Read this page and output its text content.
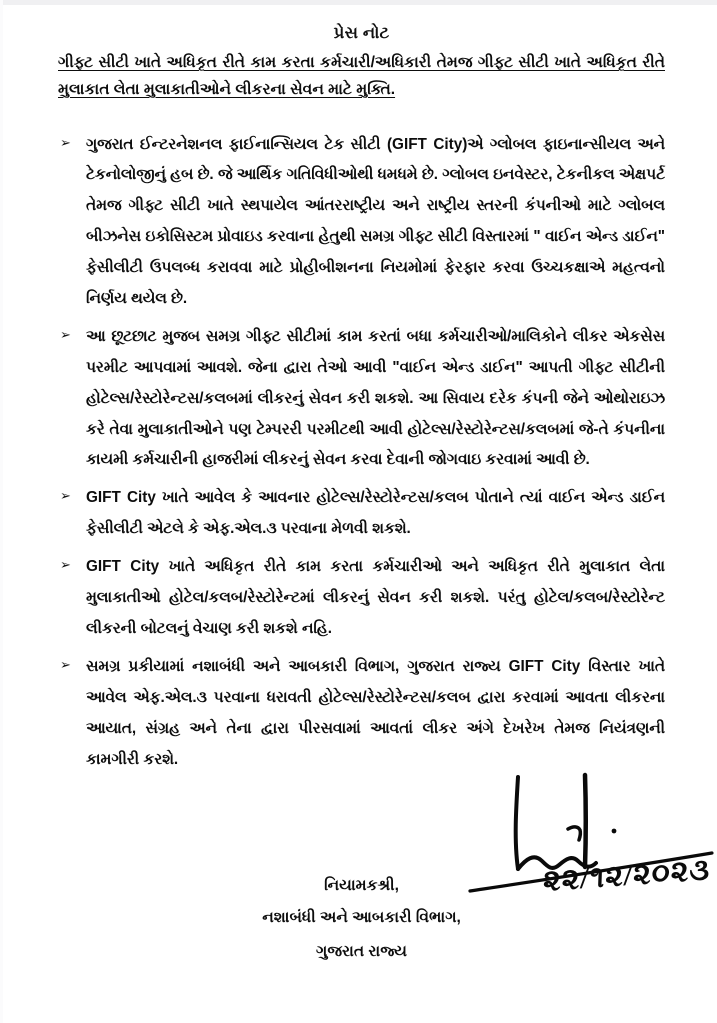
પ્રેસ નોટ

ગીફ્ટ સીટી ખાતે અધિકૃત રીતે કામ કરતા કર્મચારી/અધિકારી તેમજ ગીફ્ટ સીટી ખાતે અધિકૃત રીતે મુલાકાત લેતા મુલાકાતીઓને લીકરના સેવન માટે મુક્તિ.

➢ ગુજરાત ઈન્ટરનેશનલ ફાઈનાન્સિયલ ટેક સીટી (GIFT City)એ ગ્લોબલ ફાઇનાન્સીયલ અને ટેકનોલોજીનું હબ છે. જે આર્થિક ગતિવિધીઓથી ધમધમે છે. ગ્લોબલ ઇનવેસ્ટર, ટેકનીકલ એક્ષપર્ટ તેમજ ગીફ્ટ સીટી ખાતે સ્થપાયેલ આંતરરાષ્ટ્રીય અને રાષ્ટ્રીય સ્તરની કંપનીઓ માટે ગ્લોબલ બીઝનેસ ઇકોસિસ્ટમ પ્રોવાઇડ કરવાના હેતુથી સમગ્ર ગીફ્ટ સીટી વિસ્તારમાં " વાઈન એન્ડ ડાઈન" ફેસીલીટી ઉપલબ્ધ કરાવવા માટે પ્રોહીબીશનના નિયમોમાં ફેરફાર કરવા ઉચ્ચકક્ષાએ મહત્વનો નિર્ણય થયેલ છે.
➢ આ છૂટછાટ મુજબ સમગ્ર ગીફ્ટ સીટીમાં કામ કરતાં બધા કર્મચારીઓ/માલિકોને લીકર એકસેસ પરમીટ આપવામાં આવશે. જેના દ્વારા તેઓ આવી "વાઈન એન્ડ ડાઈન" આપતી ગીફ્ટ સીટીની હોટેલ્સ/રેસ્ટોરેન્ટસ/કલબમાં લીકરનું સેવન કરી શકશે. આ સિવાય દરેક કંપની જેને ઓથોરાઇઝ કરે તેવા મુલાકાતીઓને પણ ટેમ્પરરી પરમીટથી આવી હોટેલ્સ/રેસ્ટોરેન્ટસ/કલબમાં જે-તે કંપનીના કાયમી કર્મચારીની હાજરીમાં લીકરનું સેવન કરવા દેવાની જોગવાઇ કરવામાં આવી છે.
➢ GIFT City ખાતે આવેલ કે આવનાર હોટેલ્સ/રેસ્ટોરેન્ટસ/કલબ પોતાને ત્યાં વાઈન એન્ડ ડાઈન ફેસીલીટી એટલે કે એફ.એલ.૩ પરવાના મેળવી શકશે.
➢ GIFT City ખાતે અધિકૃત રીતે કામ કરતા કર્મચારીઓ અને અધિકૃત રીતે મુલાકાત લેતા મુલાકાતીઓ હોટેલ/કલબ/રેસ્ટોરેન્ટમાં લીકરનું સેવન કરી શકશે. પરંતુ હોટેલ/કલબ/રેસ્ટોરેન્ટ લીકરની બોટલનું વેચાણ કરી શકશે નહિ.
➢ સમગ્ર પ્રકીયામાં નશાબંધી અને આબકારી વિભાગ, ગુજરાત રાજ્ય GIFT City વિસ્તાર ખાતે આવેલ એફ.એલ.૩ પરવાના ધરાવતી હોટેલ્સ/રેસ્ટોરેન્ટસ/કલબ દ્વારા કરવામાં આવતા લીકરના આયાત, સંગ્રહ અને તેના દ્વારા પીરસવામાં આવતાં લીકર અંગે દેખરેખ તેમજ નિયંત્રણની કામગીરી કરશે.
નિયામકશ્રી,	૨૨/૧૨/૨૦૨૩
નશાબંધી અને આબકારી વિભાગ,
ગુજરાત રાજ્ય
